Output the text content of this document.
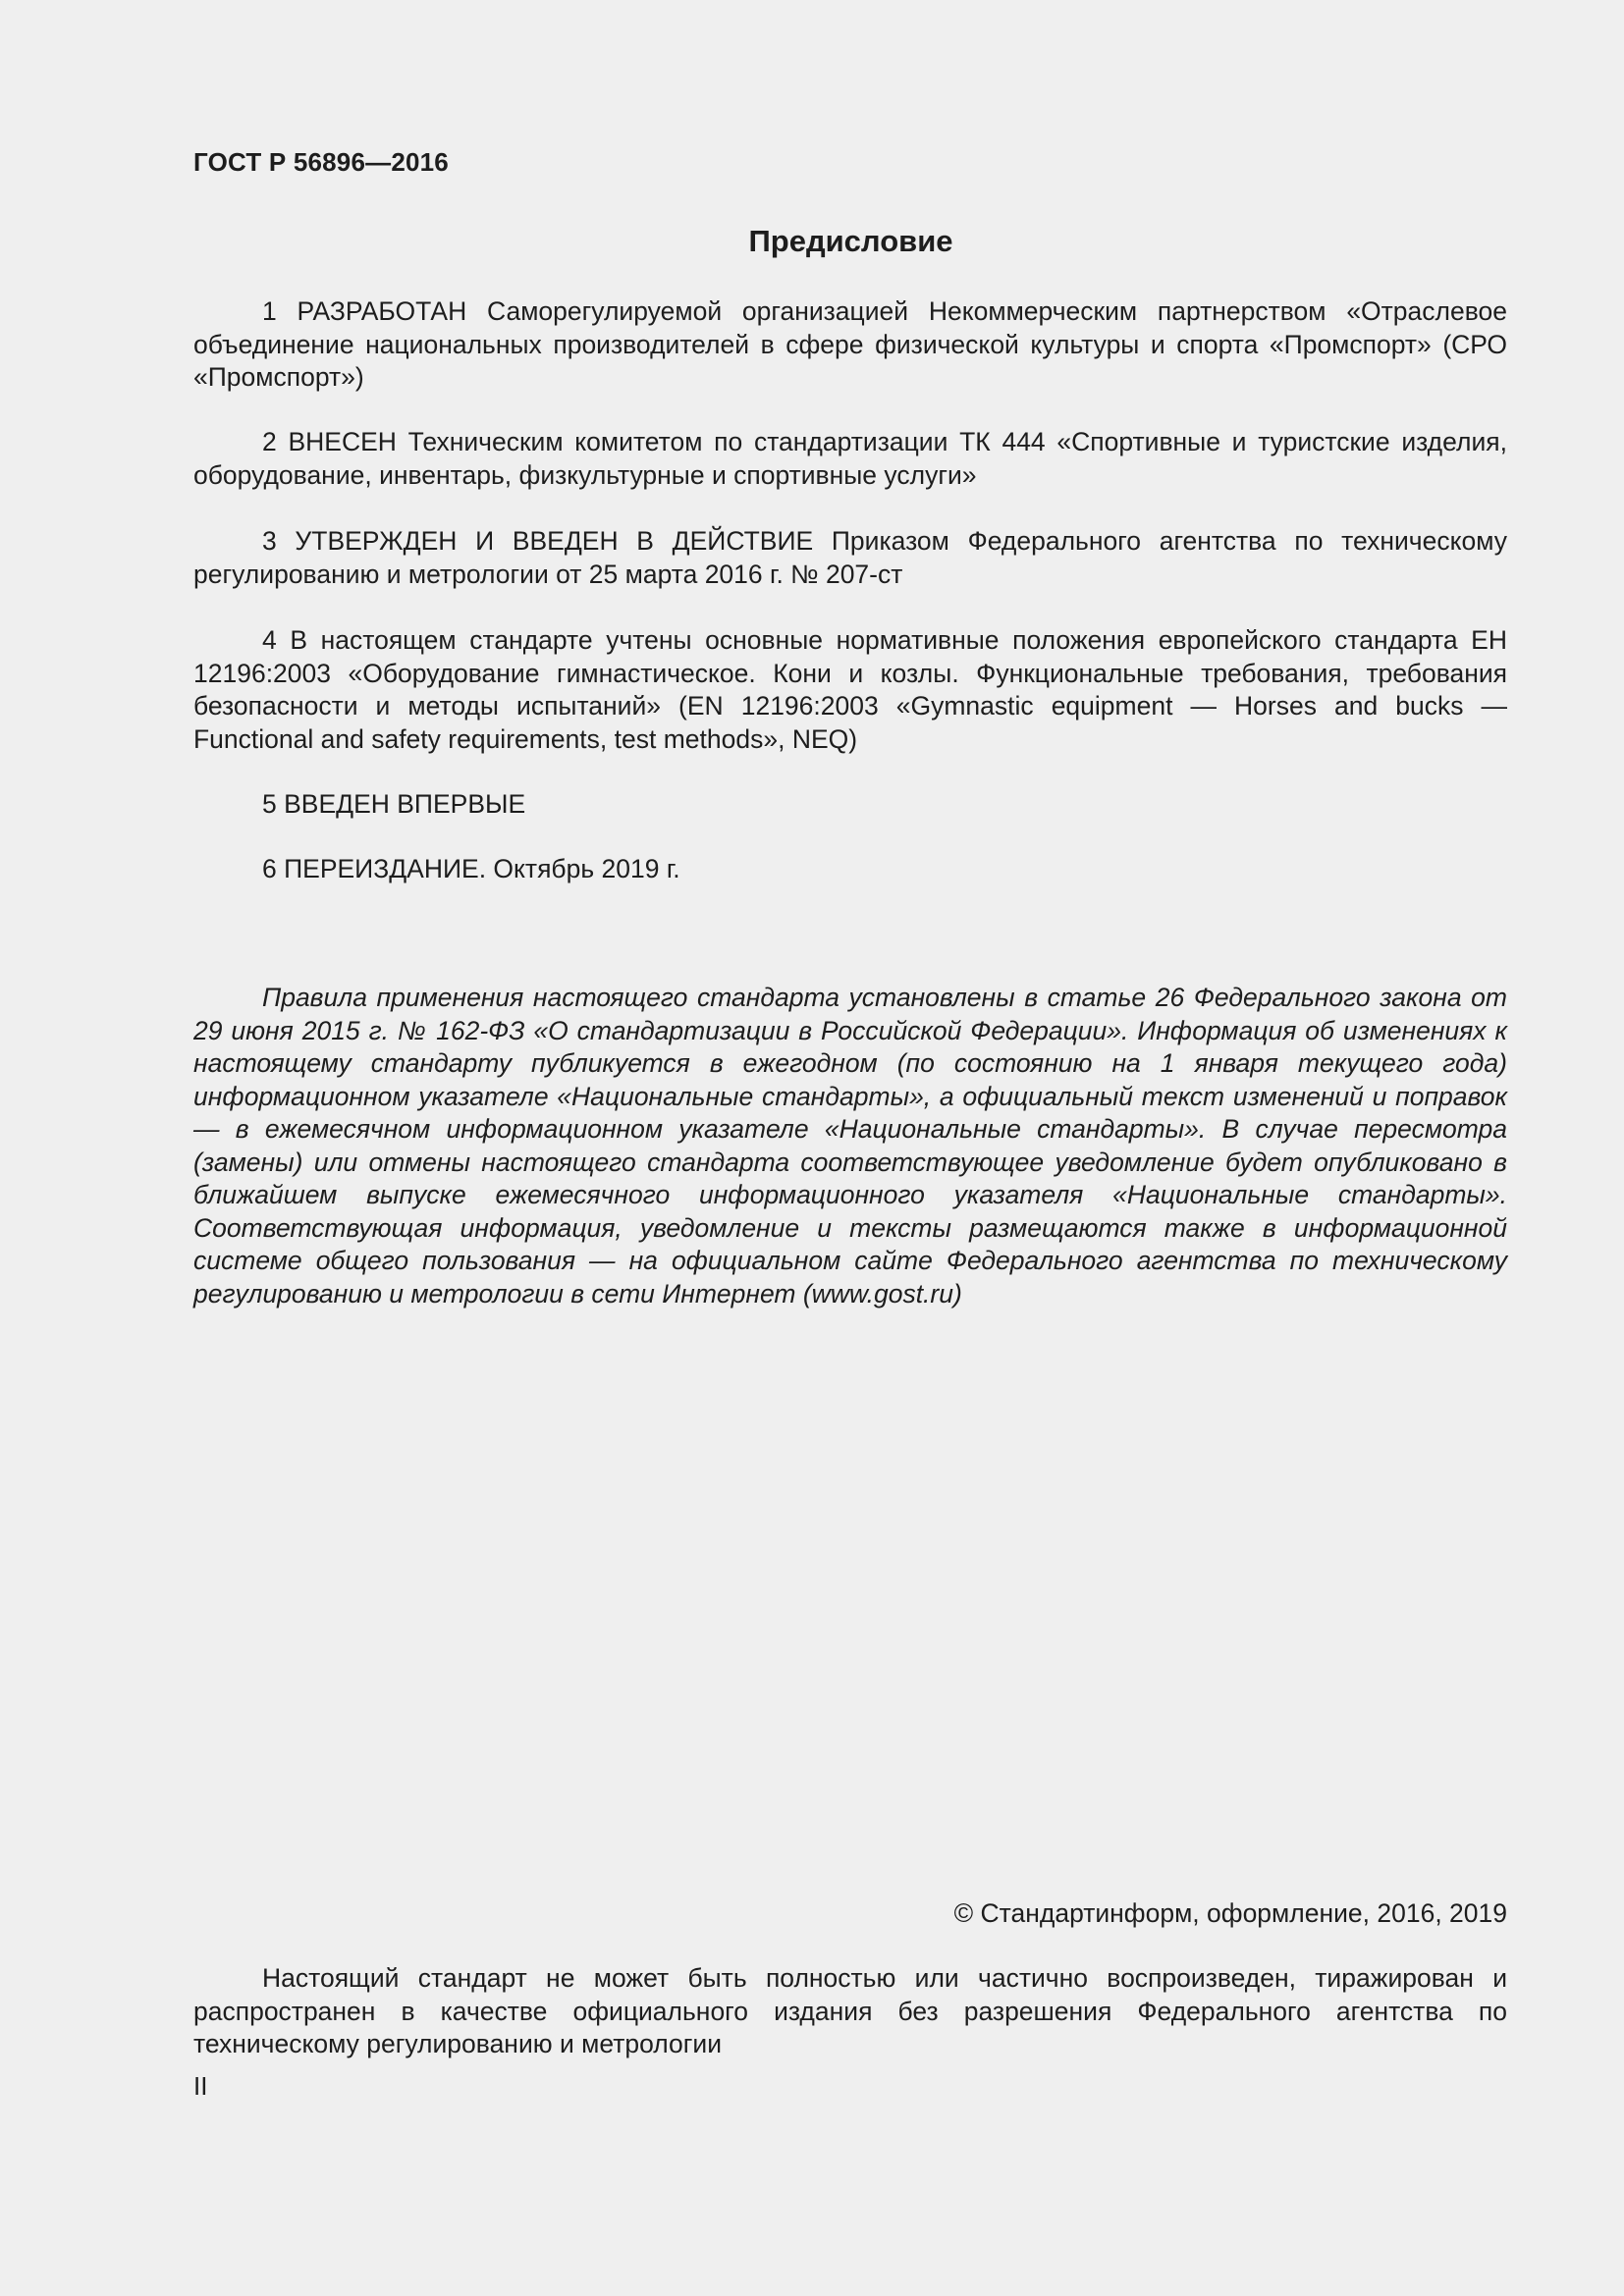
ГОСТ Р 56896—2016
Предисловие

1 РАЗРАБОТАН Саморегулируемой организацией Некоммерческим партнерством «Отраслевое объединение национальных производителей в сфере физической культуры и спорта «Промспорт» (СРО «Промспорт»)

2 ВНЕСЕН Техническим комитетом по стандартизации ТК 444 «Спортивные и туристские изделия, оборудование, инвентарь, физкультурные и спортивные услуги»

3 УТВЕРЖДЕН И ВВЕДЕН В ДЕЙСТВИЕ Приказом Федерального агентства по техническому регулированию и метрологии от 25 марта 2016 г. № 207-ст

4 В настоящем стандарте учтены основные нормативные положения европейского стандарта ЕН 12196:2003 «Оборудование гимнастическое. Кони и козлы. Функциональные требования, требования безопасности и методы испытаний» (EN 12196:2003 «Gymnastic equipment — Horses and bucks — Functional and safety requirements, test methods», NEQ)

5 ВВЕДЕН ВПЕРВЫЕ

6 ПЕРЕИЗДАНИЕ. Октябрь 2019 г.

Правила применения настоящего стандарта установлены в статье 26 Федерального закона от 29 июня 2015 г. № 162-ФЗ «О стандартизации в Российской Федерации». Информация об изменениях к настоящему стандарту публикуется в ежегодном (по состоянию на 1 января текущего года) информационном указателе «Национальные стандарты», а официальный текст изменений и поправок — в ежемесячном информационном указателе «Национальные стандарты». В случае пересмотра (замены) или отмены настоящего стандарта соответствующее уведомление будет опубликовано в ближайшем выпуске ежемесячного информационного указателя «Национальные стандарты». Соответствующая информация, уведомление и тексты размещаются также в информационной системе общего пользования — на официальном сайте Федерального агентства по техническому регулированию и метрологии в сети Интернет (www.gost.ru)

© Стандартинформ, оформление, 2016, 2019

Настоящий стандарт не может быть полностью или частично воспроизведен, тиражирован и распространен в качестве официального издания без разрешения Федерального агентства по техническому регулированию и метрологии

II
